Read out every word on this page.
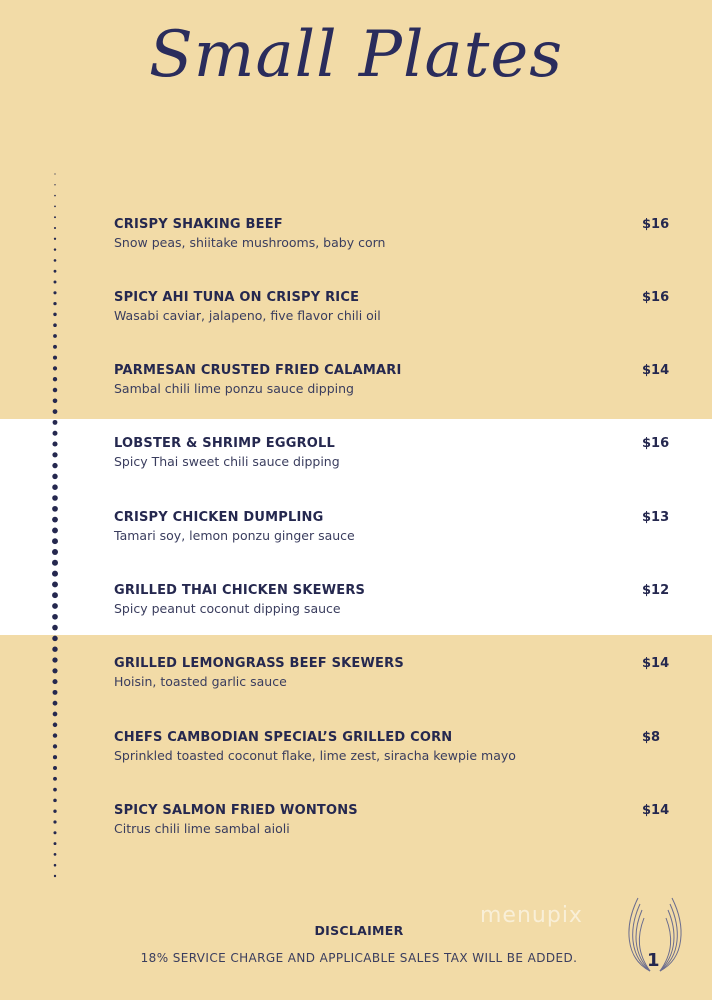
Small Plates
CRISPY SHAKING BEEF
Snow peas, shiitake mushrooms, baby corn
$16
SPICY AHI TUNA ON CRISPY RICE
Wasabi caviar, jalapeno, five flavor chili oil
$16
PARMESAN CRUSTED FRIED CALAMARI
Sambal chili lime ponzu sauce dipping
$14
LOBSTER & SHRIMP EGGROLL
Spicy Thai sweet chili sauce dipping
$16
CRISPY CHICKEN DUMPLING
Tamari soy, lemon ponzu ginger sauce
$13
GRILLED THAI CHICKEN SKEWERS
Spicy peanut coconut dipping sauce
$12
GRILLED LEMONGRASS BEEF SKEWERS
Hoisin, toasted garlic sauce
$14
CHEFS CAMBODIAN SPECIAL’S GRILLED CORN
Sprinkled toasted coconut flake, lime zest, siracha kewpie mayo
$8
SPICY SALMON FRIED WONTONS
Citrus chili lime sambal aioli
$14
menupix
DISCLAIMER
18% SERVICE CHARGE AND APPLICABLE SALES TAX WILL BE ADDED.	1
